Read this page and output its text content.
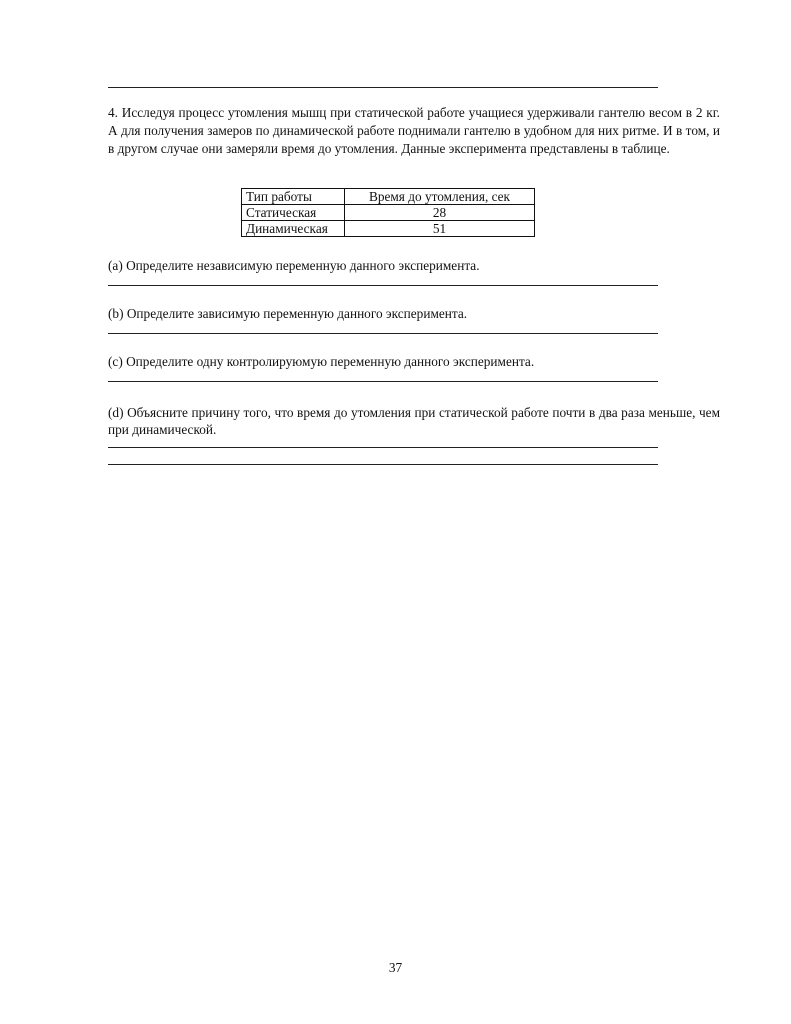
4. Исследуя процесс утомления мышц при статической работе учащиеся удерживали гантелю весом в 2 кг. А для получения замеров по динамической работе поднимали гантелю в удобном для них ритме. И в том, и в другом случае они замеряли время до утомления. Данные эксперимента представлены в таблице.

Тип работы	Время до утомления, сек
Статическая	28
Динамическая	51

(a) Определите независимую переменную данного эксперимента.

(b) Определите зависимую переменную данного эксперимента.

(c) Определите одну контролируюмую переменную данного эксперимента.

(d) Объясните причину того, что время до утомления при статической работе почти в два раза меньше, чем при динамической.

37
